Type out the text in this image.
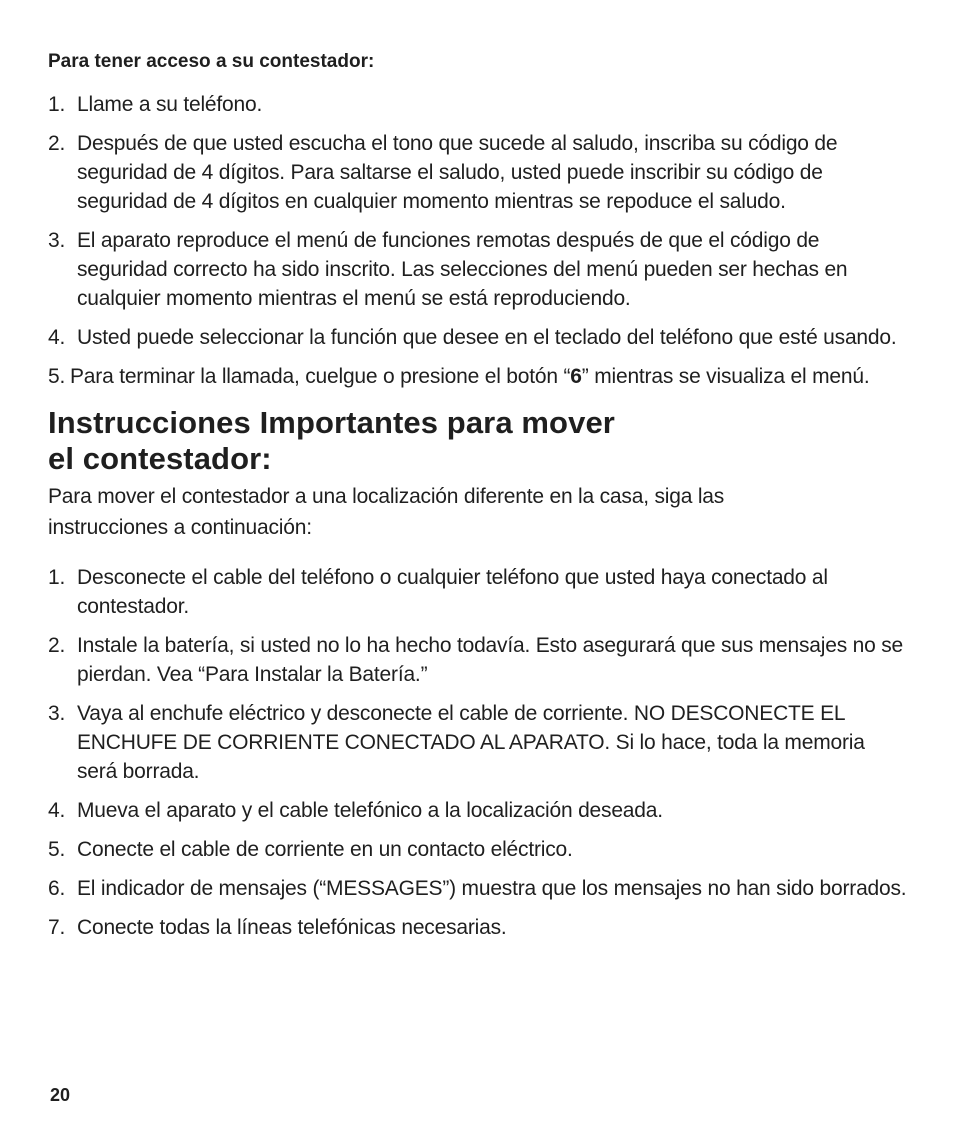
Para tener acceso a su contestador:
1. Llame a su teléfono.
2. Después de que usted escucha el tono que sucede al saludo, inscriba su código de seguridad de 4 dígitos. Para saltarse el saludo, usted puede inscribir su código de seguridad de 4 dígitos en cualquier momento mientras se repoduce el saludo.
3. El aparato reproduce el menú de funciones remotas después de que el código de seguridad correcto ha sido inscrito. Las selecciones del menú pueden ser hechas en cualquier momento mientras el menú se está reproduciendo.
4. Usted puede seleccionar la función que desee en el teclado del teléfono que esté usando.
5. Para terminar la llamada, cuelgue o presione el botón “6” mientras se visualiza el menú.
Instrucciones Importantes para mover
el contestador:
Para mover el contestador a una localización diferente en la casa, siga las
instrucciones a continuación:
1. Desconecte el cable del teléfono o cualquier teléfono que usted haya conectado al contestador.
2. Instale la batería, si usted no lo ha hecho todavía. Esto asegurará que sus mensajes no se pierdan. Vea “Para Instalar la Batería.”
3. Vaya al enchufe eléctrico y desconecte el cable de corriente. NO DESCONECTE EL ENCHUFE DE CORRIENTE CONECTADO AL APARATO. Si lo hace, toda la memoria será borrada.
4. Mueva el aparato y el cable telefónico a la localización deseada.
5. Conecte el cable de corriente en un contacto eléctrico.
6. El indicador de mensajes (“MESSAGES”) muestra que los mensajes no han sido borrados.
7. Conecte todas la líneas telefónicas necesarias.
20
